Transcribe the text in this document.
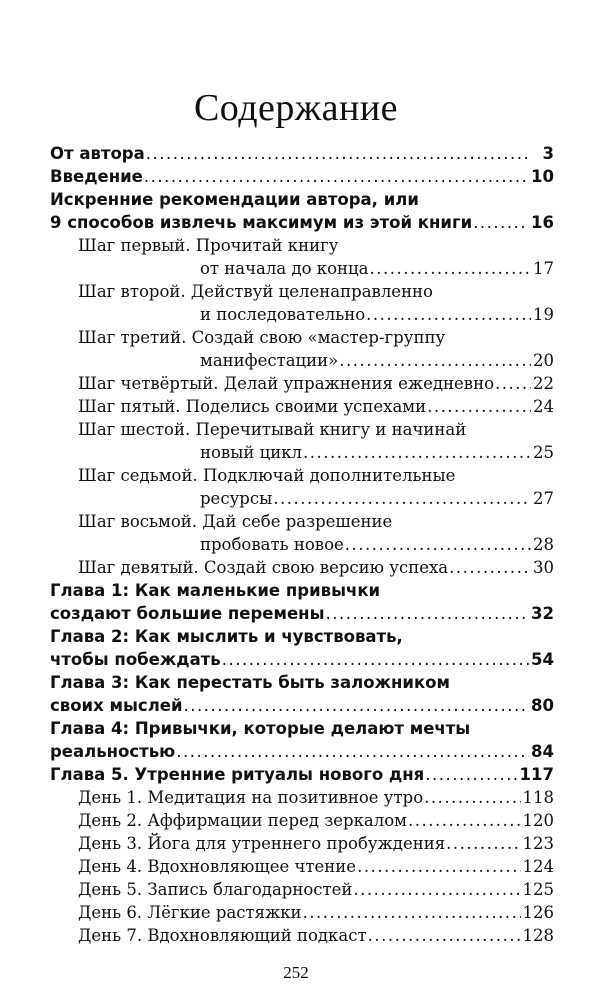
Содержание
От автора .....	3
Введение .....	10
Искренние рекомендации автора, или
9 способов извлечь максимум из этой книги .....	16
Шаг первый. Прочитай книгу
от начала до конца .....	17
Шаг второй. Действуй целенаправленно
и последовательно .....	19
Шаг третий. Создай свою «мастер-группу
манифестации» .....	20
Шаг четвёртый. Делай упражнения ежедневно ..... 22
Шаг пятый. Поделись своими успехами .....	24
Шаг шестой. Перечитывай книгу и начинай
новый цикл .....	25
Шаг седьмой. Подключай дополнительные
ресурсы .....	27
Шаг восьмой. Дай себе разрешение
пробовать новое .....	28
Шаг девятый. Создай свою версию успеха .....	30
Глава 1: Как маленькие привычки
создают большие перемены .....	32
Глава 2: Как мыслить и чувствовать,
чтобы побеждать .....	54
Глава 3: Как перестать быть заложником
своих мыслей .....	80
Глава 4: Привычки, которые делают мечты
реальностью .....	84
Глава 5. Утренние ритуалы нового дня .....	117
День 1. Медитация на позитивное утро .....	118
День 2. Аффирмации перед зеркалом .....	120
День 3. Йога для утреннего пробуждения .....	123
День 4. Вдохновляющее чтение .....	124
День 5. Запись благодарностей .....	125
День 6. Лёгкие растяжки .....	126
День 7. Вдохновляющий подкаст .....	128
252
